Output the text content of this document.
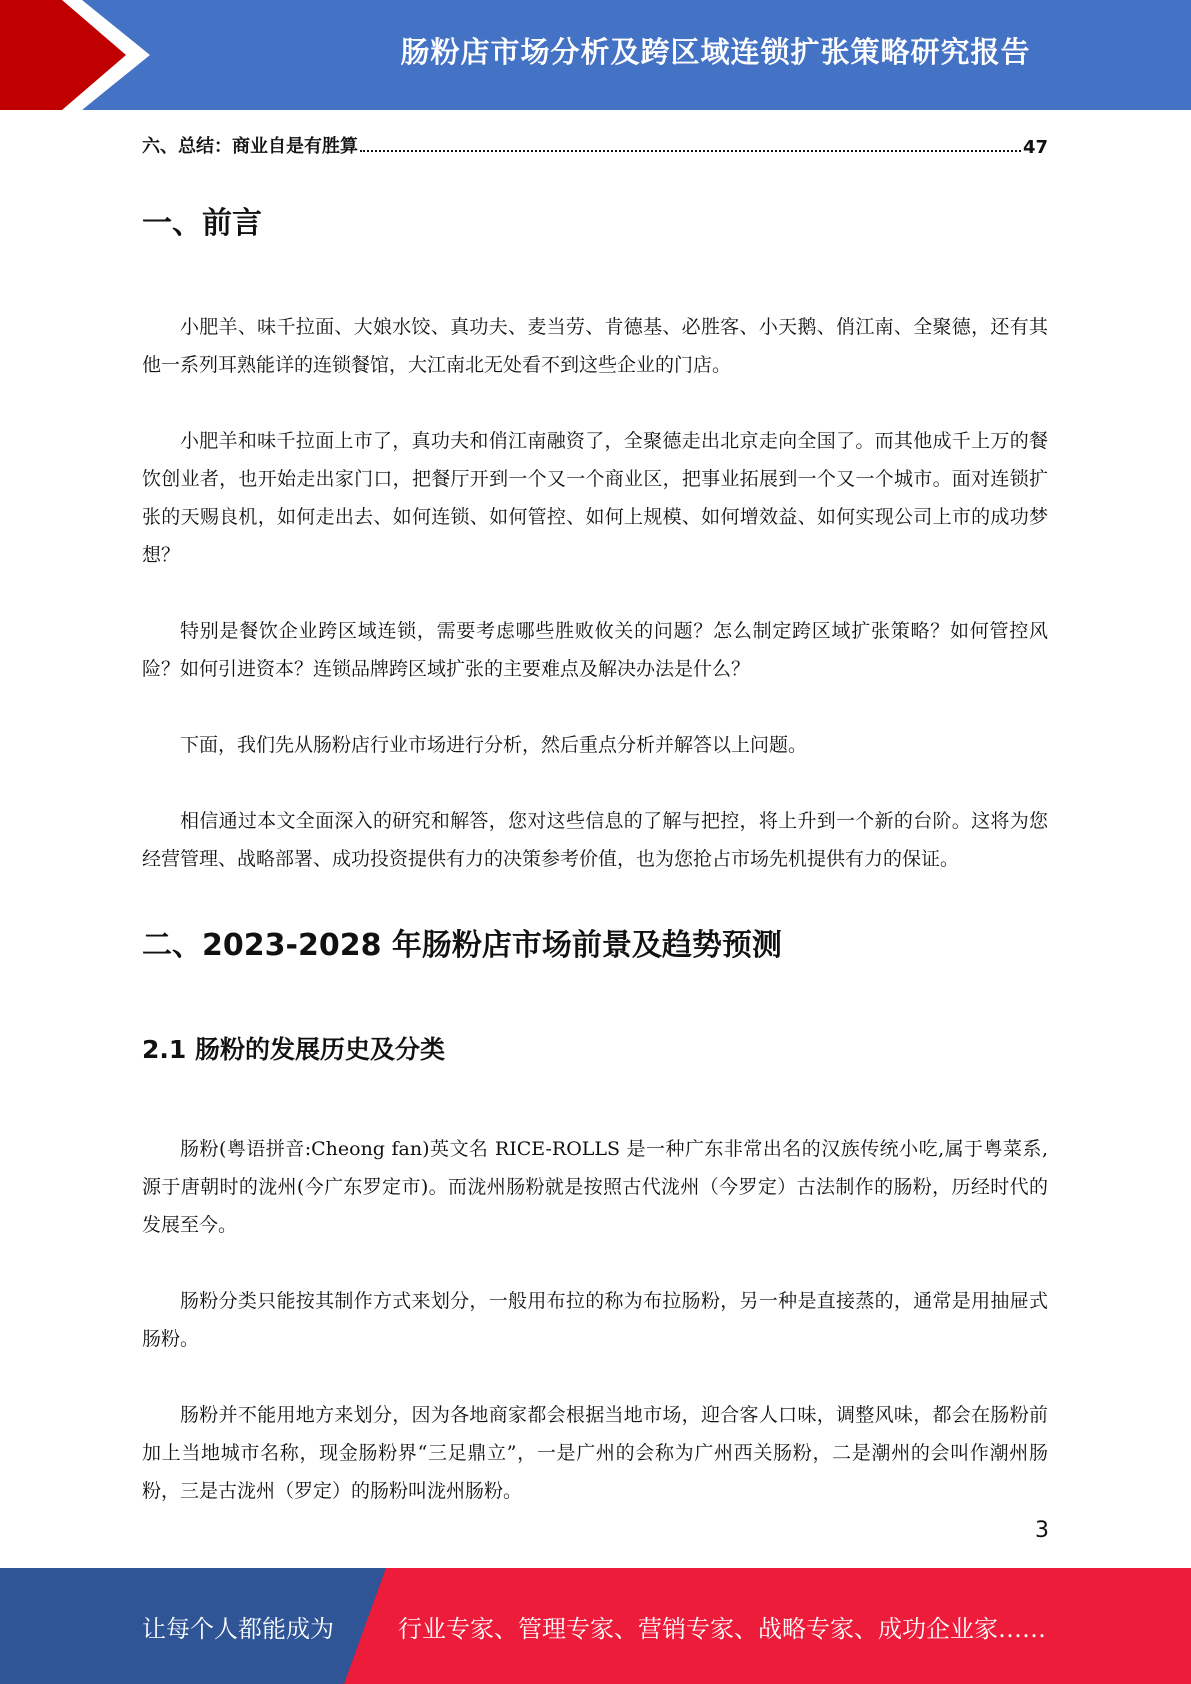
肠粉店市场分析及跨区域连锁扩张策略研究报告
六、总结：商业自是有胜算	47
一、前言

小肥羊、味千拉面、大娘水饺、真功夫、麦当劳、肯德基、必胜客、小天鹅、俏江南、全聚德，还有其他一系列耳熟能详的连锁餐馆，大江南北无处看不到这些企业的门店。

小肥羊和味千拉面上市了，真功夫和俏江南融资了，全聚德走出北京走向全国了。而其他成千上万的餐饮创业者，也开始走出家门口，把餐厅开到一个又一个商业区，把事业拓展到一个又一个城市。面对连锁扩张的天赐良机，如何走出去、如何连锁、如何管控、如何上规模、如何增效益、如何实现公司上市的成功梦想？

特别是餐饮企业跨区域连锁，需要考虑哪些胜败攸关的问题？怎么制定跨区域扩张策略？如何管控风险？如何引进资本？连锁品牌跨区域扩张的主要难点及解决办法是什么？

下面，我们先从肠粉店行业市场进行分析，然后重点分析并解答以上问题。

相信通过本文全面深入的研究和解答，您对这些信息的了解与把控，将上升到一个新的台阶。这将为您经营管理、战略部署、成功投资提供有力的决策参考价值，也为您抢占市场先机提供有力的保证。

二、2023-2028 年肠粉店市场前景及趋势预测
2.1 肠粉的发展历史及分类

肠粉(粤语拼音:Cheong fan)英文名 RICE-ROLLS 是一种广东非常出名的汉族传统小吃,属于粤菜系,源于唐朝时的泷州(今广东罗定市)。而泷州肠粉就是按照古代泷州（今罗定）古法制作的肠粉，历经时代的发展至今。

肠粉分类只能按其制作方式来划分，一般用布拉的称为布拉肠粉，另一种是直接蒸的，通常是用抽屉式肠粉。

肠粉并不能用地方来划分，因为各地商家都会根据当地市场，迎合客人口味，调整风味，都会在肠粉前加上当地城市名称，现金肠粉界“三足鼎立”，一是广州的会称为广州西关肠粉，二是潮州的会叫作潮州肠粉，三是古泷州（罗定）的肠粉叫泷州肠粉。

3
让每个人都能成为	行业专家、管理专家、营销专家、战略专家、成功企业家……
